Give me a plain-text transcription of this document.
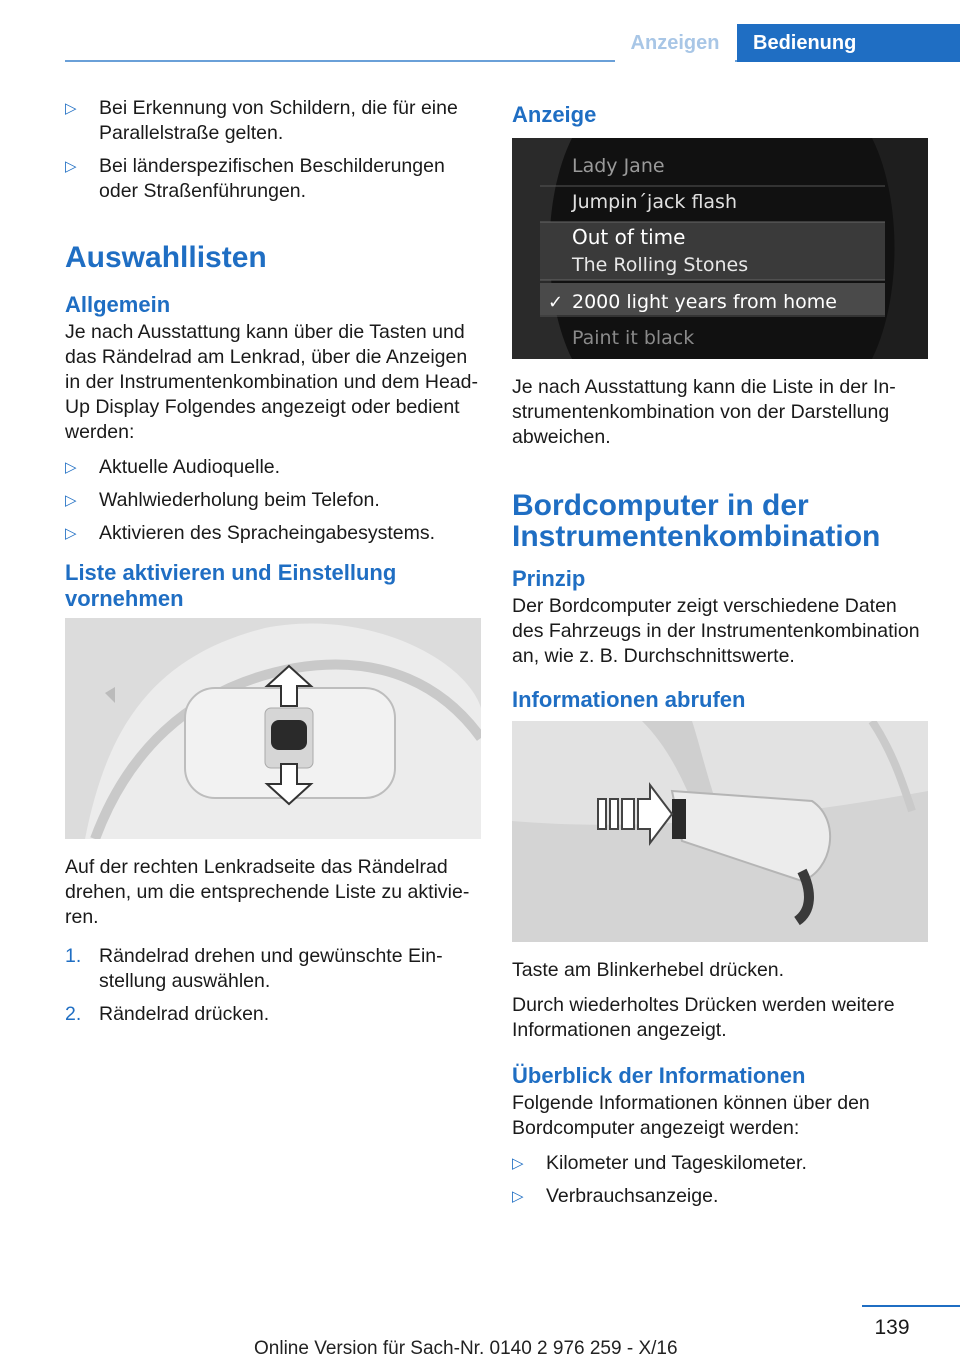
Anzeigen	Bedienung
▷ Bei Erkennung von Schildern, die für eine Parallelstraße gelten.
▷ Bei länderspezifischen Beschilderungen oder Straßenführungen.
Auswahllisten
Allgemein

Je nach Ausstattung kann über die Tasten und das Rändelrad am Lenkrad, über die Anzeigen in der Instrumentenkombination und dem Head-Up Display Folgendes angezeigt oder bedient werden:

▷ Aktuelle Audioquelle.
▷ Wahlwiederholung beim Telefon.
▷ Aktivieren des Spracheingabesystems.
Liste aktivieren und Einstellung vornehmen

Auf der rechten Lenkradseite das Rändelrad drehen, um die entsprechende Liste zu aktivieren.

1. Rändelrad drehen und gewünschte Einstellung auswählen.
2. Rändelrad drücken.
Anzeige
Lady Jane
Jumpin´jack flash
Out of time
The Rolling Stones
✓ 2000 light years from home
Paint it black

Je nach Ausstattung kann die Liste in der Instrumentenkombination von der Darstellung abweichen.

Bordcomputer in der Instrumentenkombination
Prinzip

Der Bordcomputer zeigt verschiedene Daten des Fahrzeugs in der Instrumentenkombination an, wie z. B. Durchschnittswerte.

Informationen abrufen

Taste am Blinkerhebel drücken.

Durch wiederholtes Drücken werden weitere Informationen angezeigt.

Überblick der Informationen

Folgende Informationen können über den Bordcomputer angezeigt werden:

▷ Kilometer und Tageskilometer.
▷ Verbrauchsanzeige.
139
Online Version für Sach-Nr. 0140 2 976 259 - X/16
